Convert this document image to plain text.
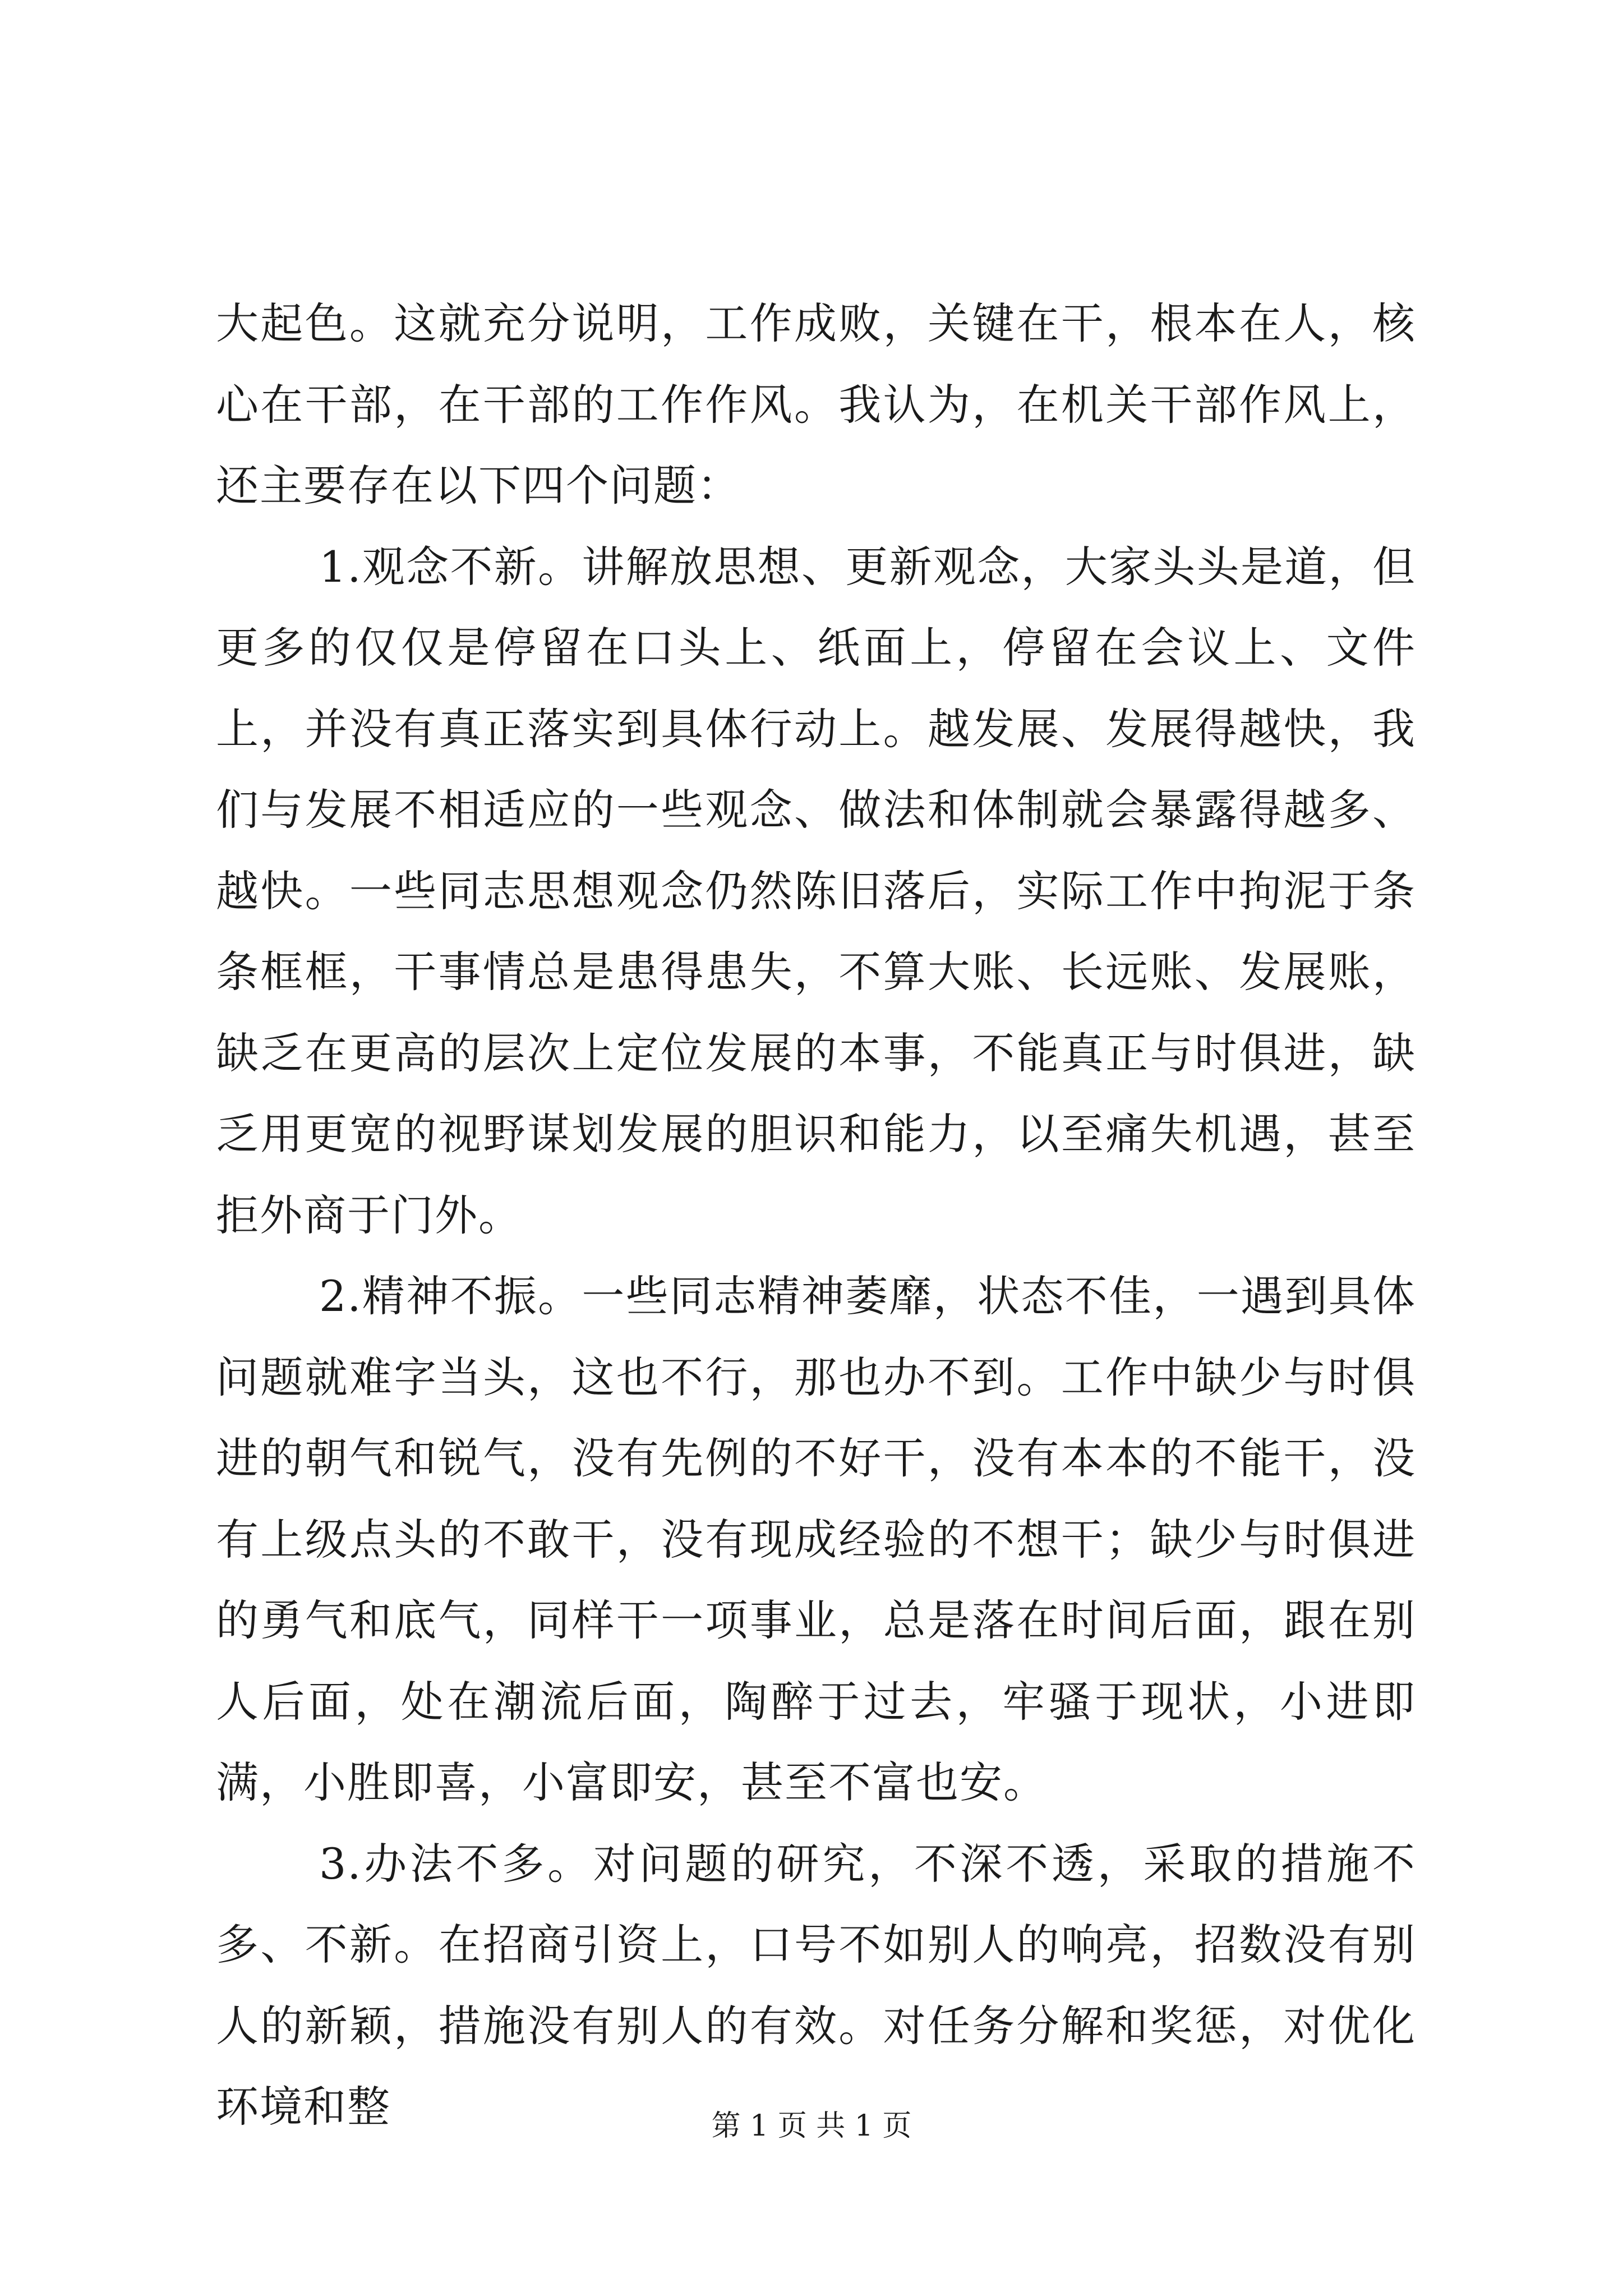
大起色。这就充分说明，工作成败，关键在干，根本在人，核心在干部，在干部的工作作风。我认为，在机关干部作风上，还主要存在以下四个问题：

1.观念不新。讲解放思想、更新观念，大家头头是道，但更多的仅仅是停留在口头上、纸面上，停留在会议上、文件上，并没有真正落实到具体行动上。越发展、发展得越快，我们与发展不相适应的一些观念、做法和体制就会暴露得越多、越快。一些同志思想观念仍然陈旧落后，实际工作中拘泥于条条框框，干事情总是患得患失，不算大账、长远账、发展账，缺乏在更高的层次上定位发展的本事，不能真正与时俱进，缺乏用更宽的视野谋划发展的胆识和能力，以至痛失机遇，甚至拒外商于门外。

2.精神不振。一些同志精神萎靡，状态不佳，一遇到具体问题就难字当头，这也不行，那也办不到。工作中缺少与时俱进的朝气和锐气，没有先例的不好干，没有本本的不能干，没有上级点头的不敢干，没有现成经验的不想干；缺少与时俱进的勇气和底气，同样干一项事业，总是落在时间后面，跟在别人后面，处在潮流后面，陶醉于过去，牢骚于现状，小进即满，小胜即喜，小富即安，甚至不富也安。

3.办法不多。对问题的研究，不深不透，采取的措施不多、不新。在招商引资上，口号不如别人的响亮，招数没有别人的新颖，措施没有别人的有效。对任务分解和奖惩，对优化环境和整	第 1 页 共 1 页
